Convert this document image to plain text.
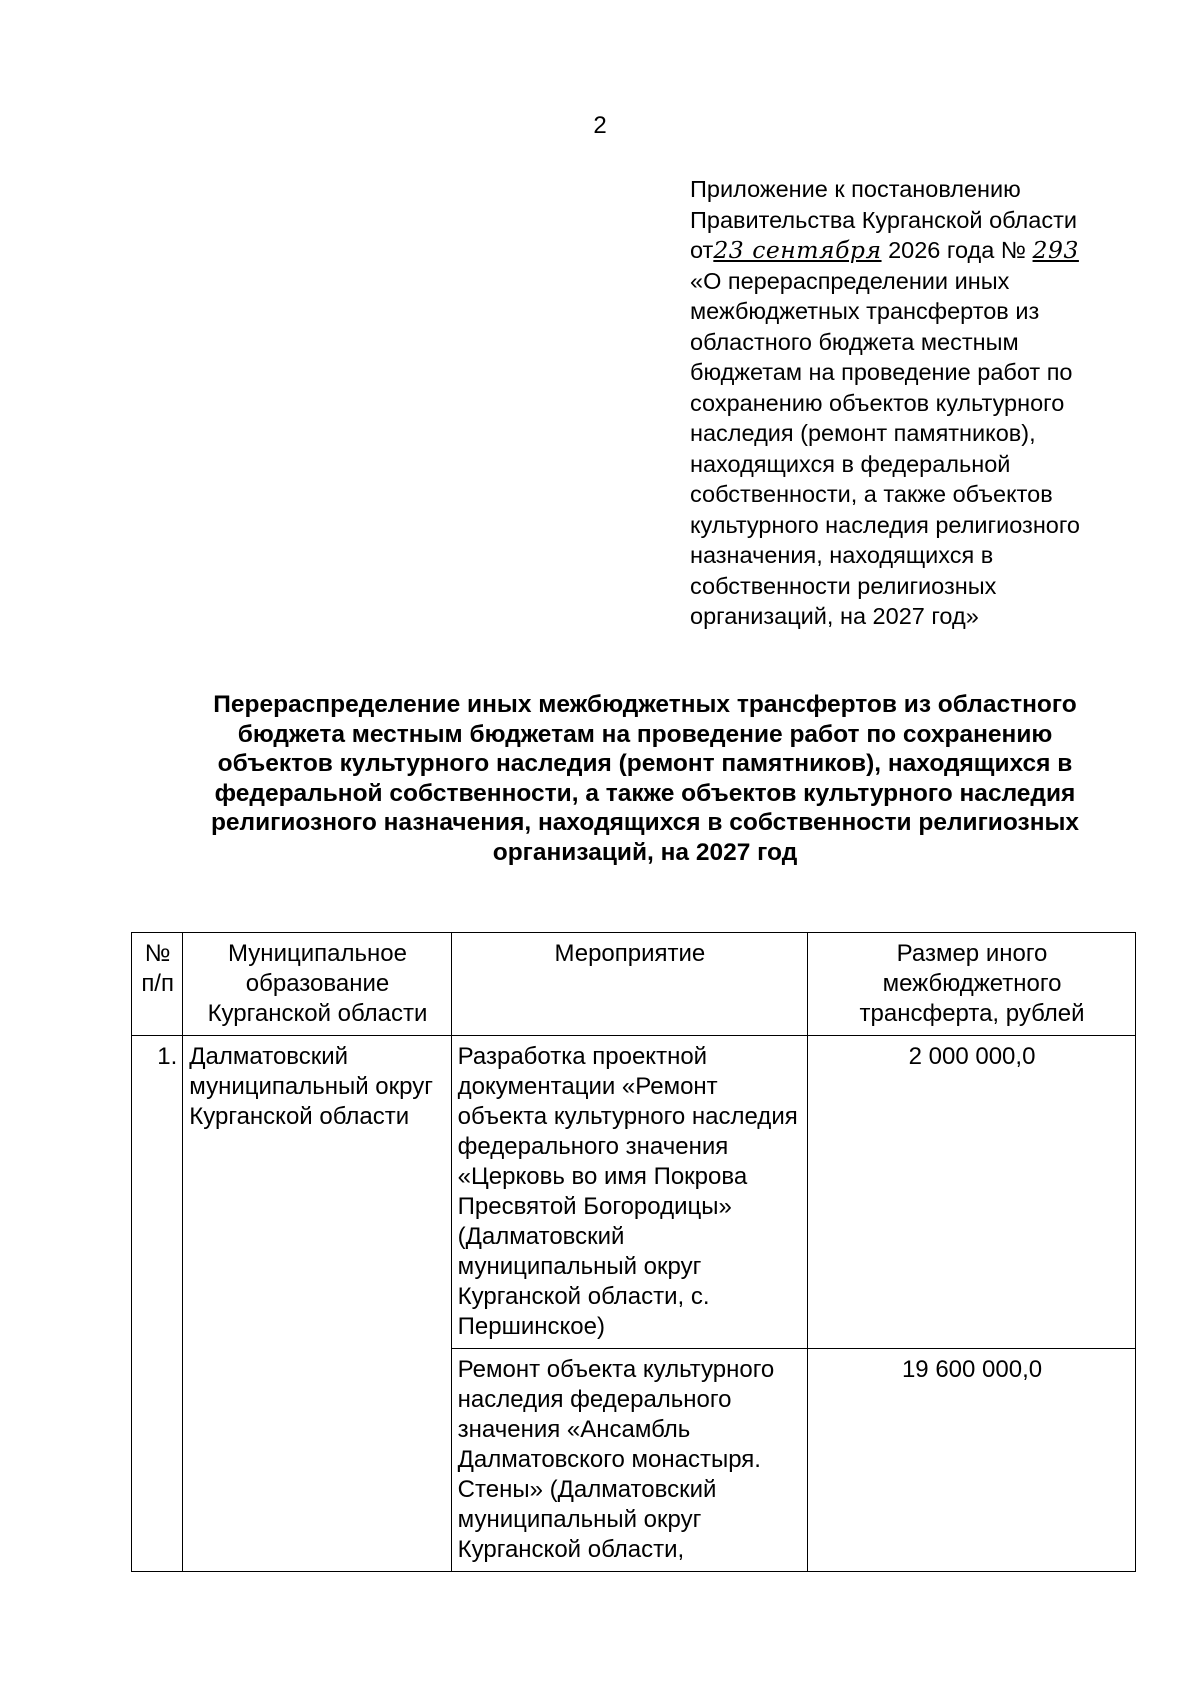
2
Приложение к постановлению
Правительства Курганской области
от23 сентября 2026 года № 293
«О перераспределении иных
межбюджетных трансфертов из
областного бюджета местным
бюджетам на проведение работ по
сохранению объектов культурного
наследия (ремонт памятников),
находящихся в федеральной
собственности, а также объектов
культурного наследия религиозного
назначения, находящихся в
собственности религиозных
организаций, на 2027 год»
Перераспределение иных межбюджетных трансфертов из областного
бюджета местным бюджетам на проведение работ по сохранению
объектов культурного наследия (ремонт памятников), находящихся в
федеральной собственности, а также объектов культурного наследия
религиозного назначения, находящихся в собственности религиозных
организаций, на 2027 год
№ п/п	Муниципальное образование Курганской области	Мероприятие	Размер иного межбюджетного трансферта, рублей
1.	Далматовский муниципальный округ Курганской области	Разработка проектной документации «Ремонт объекта культурного наследия федерального значения «Церковь во имя Покрова Пресвятой Богородицы» (Далматовский муниципальный округ Курганской области, с. Першинское)	2 000 000,0
		Ремонт объекта культурного наследия федерального значения «Ансамбль Далматовского монастыря. Стены» (Далматовский муниципальный округ Курганской области,	19 600 000,0
